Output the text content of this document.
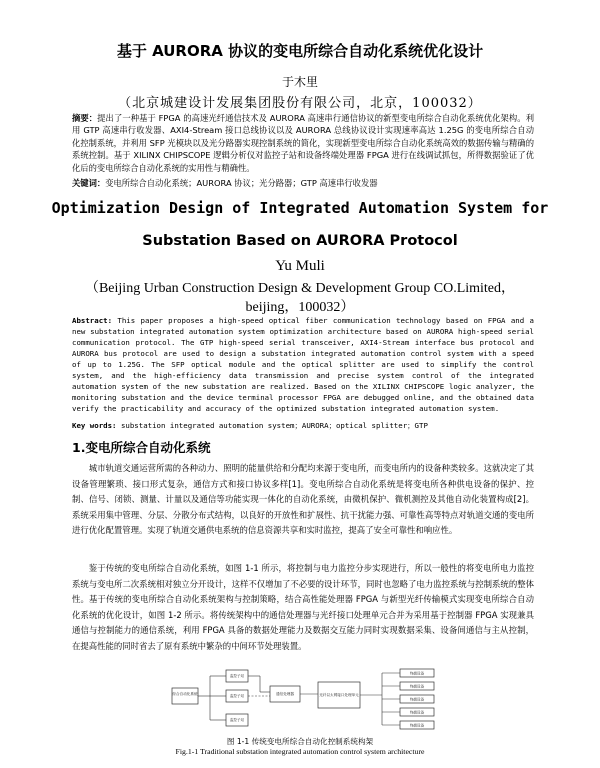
基于 AURORA 协议的变电所综合自动化系统优化设计
于木里
（北京城建设计发展集团股份有限公司，北京，100032）
摘要：提出了一种基于 FPGA 的高速光纤通信技术及 AURORA 高速串行通信协议的新型变电所综合自动化系统优化架构。利用 GTP 高速串行收发器、AXI4-Stream 接口总线协议以及 AURORA 总线协议设计实现速率高达 1.25G 的变电所综合自动化控制系统，并利用 SFP 光模块以及光分路器实现控制系统的简化，实现新型变电所综合自动化系统高效的数据传输与精确的系统控制。基于 XILINX CHIPSCOPE 逻辑分析仪对监控子站和设备终端处理器 FPGA 进行在线调试抓包，所得数据验证了优化后的变电所综合自动化系统的实用性与精确性。
关键词：变电所综合自动化系统；AURORA 协议；光分路器；GTP 高速串行收发器
Optimization Design of Integrated Automation System for
Substation Based on AURORA Protocol
Yu Muli
（Beijing Urban Construction Design & Development Group CO.Limited，
beijing，100032）
Abstract: This paper proposes a high-speed optical fiber communication technology based on FPGA and a new substation integrated automation system optimization architecture based on AURORA high-speed serial communication protocol. The GTP high-speed serial transceiver, AXI4-Stream interface bus protocol and AURORA bus protocol are used to design a substation integrated automation control system with a speed of up to 1.25G. The SFP optical module and the optical splitter are used to simplify the control system, and the high-efficiency data transmission and precise system control of the integrated automation system of the new substation are realized. Based on the XILINX CHIPSCOPE logic analyzer, the monitoring substation and the device terminal processor FPGA are debugged online, and the obtained data verify the practicability and accuracy of the optimized substation integrated automation system.
Key words: substation integrated automation system；AURORA；optical splitter；GTP
1.变电所综合自动化系统
城市轨道交通运营所需的各种动力、照明的能量供给和分配均来源于变电所，而变电所内的设备种类较多。这就决定了其设备管理繁琐、接口形式复杂，通信方式和接口协议多样[1]。变电所综合自动化系统是将变电所各种供电设备的保护、控制、信号、闭锁、测量、计量以及通信等功能实现一体化的自动化系统，由微机保护、微机测控及其他自动化装置构成[2]。系统采用集中管理、分层、分散分布式结构，以良好的开放性和扩展性、抗干扰能力强、可靠性高等特点对轨道交通的变电所进行优化配置管理。实现了轨道交通供电系统的信息资源共享和实时监控，提高了安全可靠性和响应性。
鉴于传统的变电所综合自动化系统，如图 1-1 所示，将控制与电力监控分步实现进行，所以一般性的将变电所电力监控系统与变电所二次系统相对独立分开设计，这样不仅增加了不必要的设计环节，同时也忽略了电力监控系统与控制系统的整体性。基于传统的变电所综合自动化系统架构与控制策略，结合高性能处理器 FPGA 与新型光纤传输模式实现变电所综合自动化系统的优化设计，如图 1-2 所示。将传统架构中的通信处理器与光纤接口处理单元合并为采用基于控制器 FPGA 实现兼具通信与控制能力的通信系统，利用 FPGA 具备的数据处理能力及数据交互能力同时实现数据采集、设备间通信与主从控制，在提高性能的同时省去了原有系统中繁杂的中间环节处理装置。
综合自动化系统
监控子站
监控子站
监控子站
通信处理器	光纤以太网接口处理单元
终端设备
终端设备
终端设备
终端设备
终端设备
图 1-1 传统变电所综合自动化控制系统构架
Fig.1-1 Traditional substation integrated automation control system architecture
